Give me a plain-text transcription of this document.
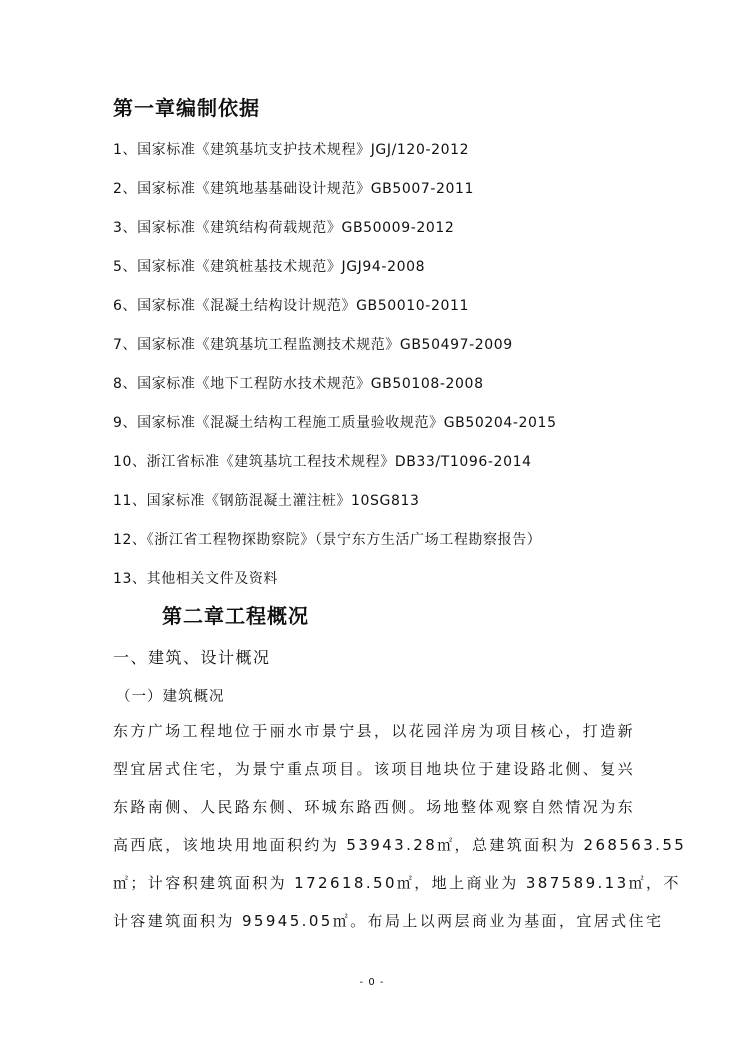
第一章编制依据
1、国家标准《建筑基坑支护技术规程》JGJ/120-2012
2、国家标准《建筑地基基础设计规范》GB5007-2011
3、国家标准《建筑结构荷载规范》GB50009-2012
5、国家标准《建筑桩基技术规范》JGJ94-2008
6、国家标准《混凝土结构设计规范》GB50010-2011
7、国家标准《建筑基坑工程监测技术规范》GB50497-2009
8、国家标准《地下工程防水技术规范》GB50108-2008
9、国家标准《混凝土结构工程施工质量验收规范》GB50204-2015
10、浙江省标准《建筑基坑工程技术规程》DB33/T1096-2014
11、国家标准《钢筋混凝土灌注桩》10SG813
12、《浙江省工程物探勘察院》（景宁东方生活广场工程勘察报告）
13、其他相关文件及资料
第二章工程概况
一、建筑、设计概况
（一）建筑概况
东方广场工程地位于丽水市景宁县，以花园洋房为项目核心，打造新
型宜居式住宅，为景宁重点项目。该项目地块位于建设路北侧、复兴
东路南侧、人民路东侧、环城东路西侧。场地整体观察自然情况为东
高西底，该地块用地面积约为 53943.28㎡，总建筑面积为 268563.55
㎡；计容积建筑面积为 172618.50㎡，地上商业为 387589.13㎡，不
计容建筑面积为 95945.05㎡。布局上以两层商业为基面，宜居式住宅
- 0 -
